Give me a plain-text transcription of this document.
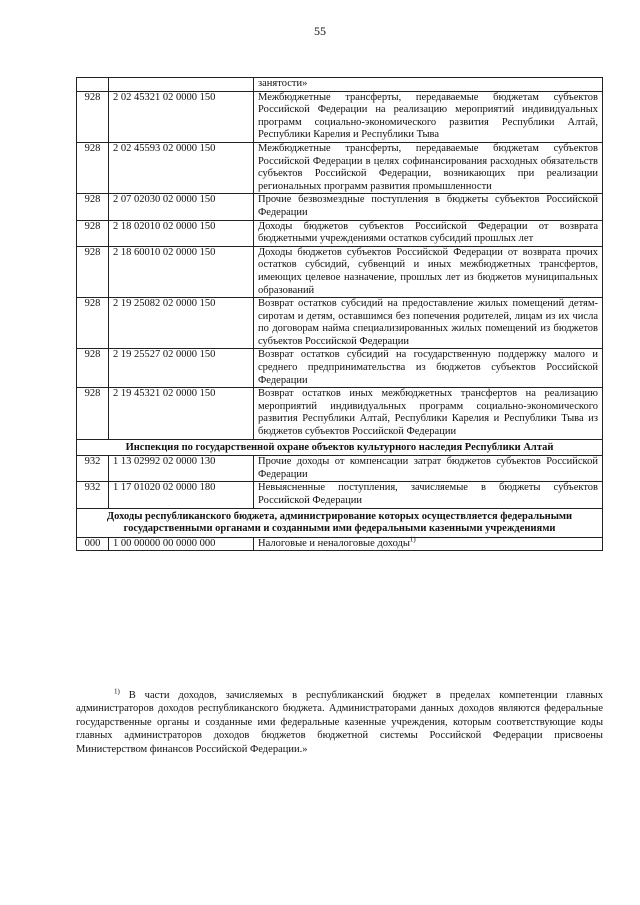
55
		занятости»
928	2 02 45321 02 0000 150	Межбюджетные трансферты, передаваемые бюджетам субъектов Российской Федерации на реализацию мероприятий индивидуальных программ социально-экономического развития Республики Алтай, Республики Карелия и Республики Тыва
928	2 02 45593 02 0000 150	Межбюджетные трансферты, передаваемые бюджетам субъектов Российской Федерации в целях софинансирования расходных обязательств субъектов Российской Федерации, возникающих при реализации региональных программ развития промышленности
928	2 07 02030 02 0000 150	Прочие безвозмездные поступления в бюджеты субъектов Российской Федерации
928	2 18 02010 02 0000 150	Доходы бюджетов субъектов Российской Федерации от возврата бюджетными учреждениями остатков субсидий прошлых лет
928	2 18 60010 02 0000 150	Доходы бюджетов субъектов Российской Федерации от возврата прочих остатков субсидий, субвенций и иных межбюджетных трансфертов, имеющих целевое назначение, прошлых лет из бюджетов муниципальных образований
928	2 19 25082 02 0000 150	Возврат остатков субсидий на предоставление жилых помещений детям-сиротам и детям, оставшимся без попечения родителей, лицам из их числа по договорам найма специализированных жилых помещений из бюджетов субъектов Российской Федерации
928	2 19 25527 02 0000 150	Возврат остатков субсидий на государственную поддержку малого и среднего предпринимательства из бюджетов субъектов Российской Федерации
928	2 19 45321 02 0000 150	Возврат остатков иных межбюджетных трансфертов на реализацию мероприятий индивидуальных программ социально-экономического развития Республики Алтай, Республики Карелия и Республики Тыва из бюджетов субъектов Российской Федерации
Инспекция по государственной охране объектов культурного наследия Республики Алтай		
932	1 13 02992 02 0000 130	Прочие доходы от компенсации затрат бюджетов субъектов Российской Федерации
932	1 17 01020 02 0000 180	Невыясненные поступления, зачисляемые в бюджеты субъектов Российской Федерации
Доходы республиканского бюджета, администрирование которых осуществляется федеральными государственными органами и созданными ими федеральными казенными учреждениями		
000	1 00 00000 00 0000 000	Налоговые и неналоговые доходы$^{1)}$
$^{1)}$ В части доходов, зачисляемых в республиканский бюджет в пределах компетенции главных администраторов доходов республиканского бюджета. Администраторами данных доходов являются федеральные государственные органы и созданные ими федеральные казенные учреждения, которым соответствующие коды главных администраторов доходов бюджетов бюджетной системы Российской Федерации присвоены Министерством финансов Российской Федерации.»
